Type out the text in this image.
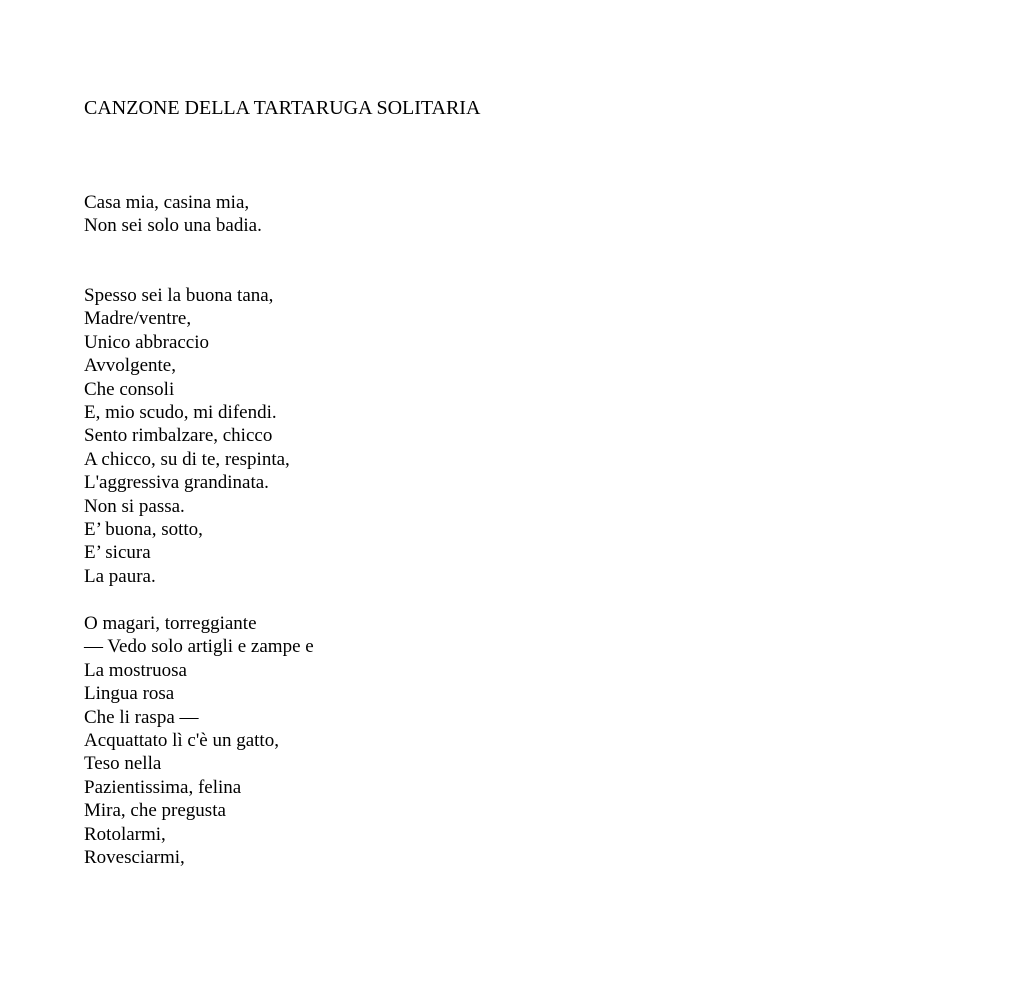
CANZONE DELLA TARTARUGA SOLITARIA
Casa mia, casina mia,
Non sei solo una badia.
Spesso sei la buona tana,
Madre/ventre,
Unico abbraccio
Avvolgente,
Che consoli
E, mio scudo, mi difendi.
Sento rimbalzare, chicco
A chicco, su di te, respinta,
L'aggressiva grandinata.
Non si passa.
E’ buona, sotto,
E’ sicura
La paura.
O magari, torreggiante
— Vedo solo artigli e zampe e
La mostruosa
Lingua rosa
Che li raspa —
Acquattato lì c'è un gatto,
Teso nella
Pazientissima, felina
Mira, che pregusta
Rotolarmi,
Rovesciarmi,
